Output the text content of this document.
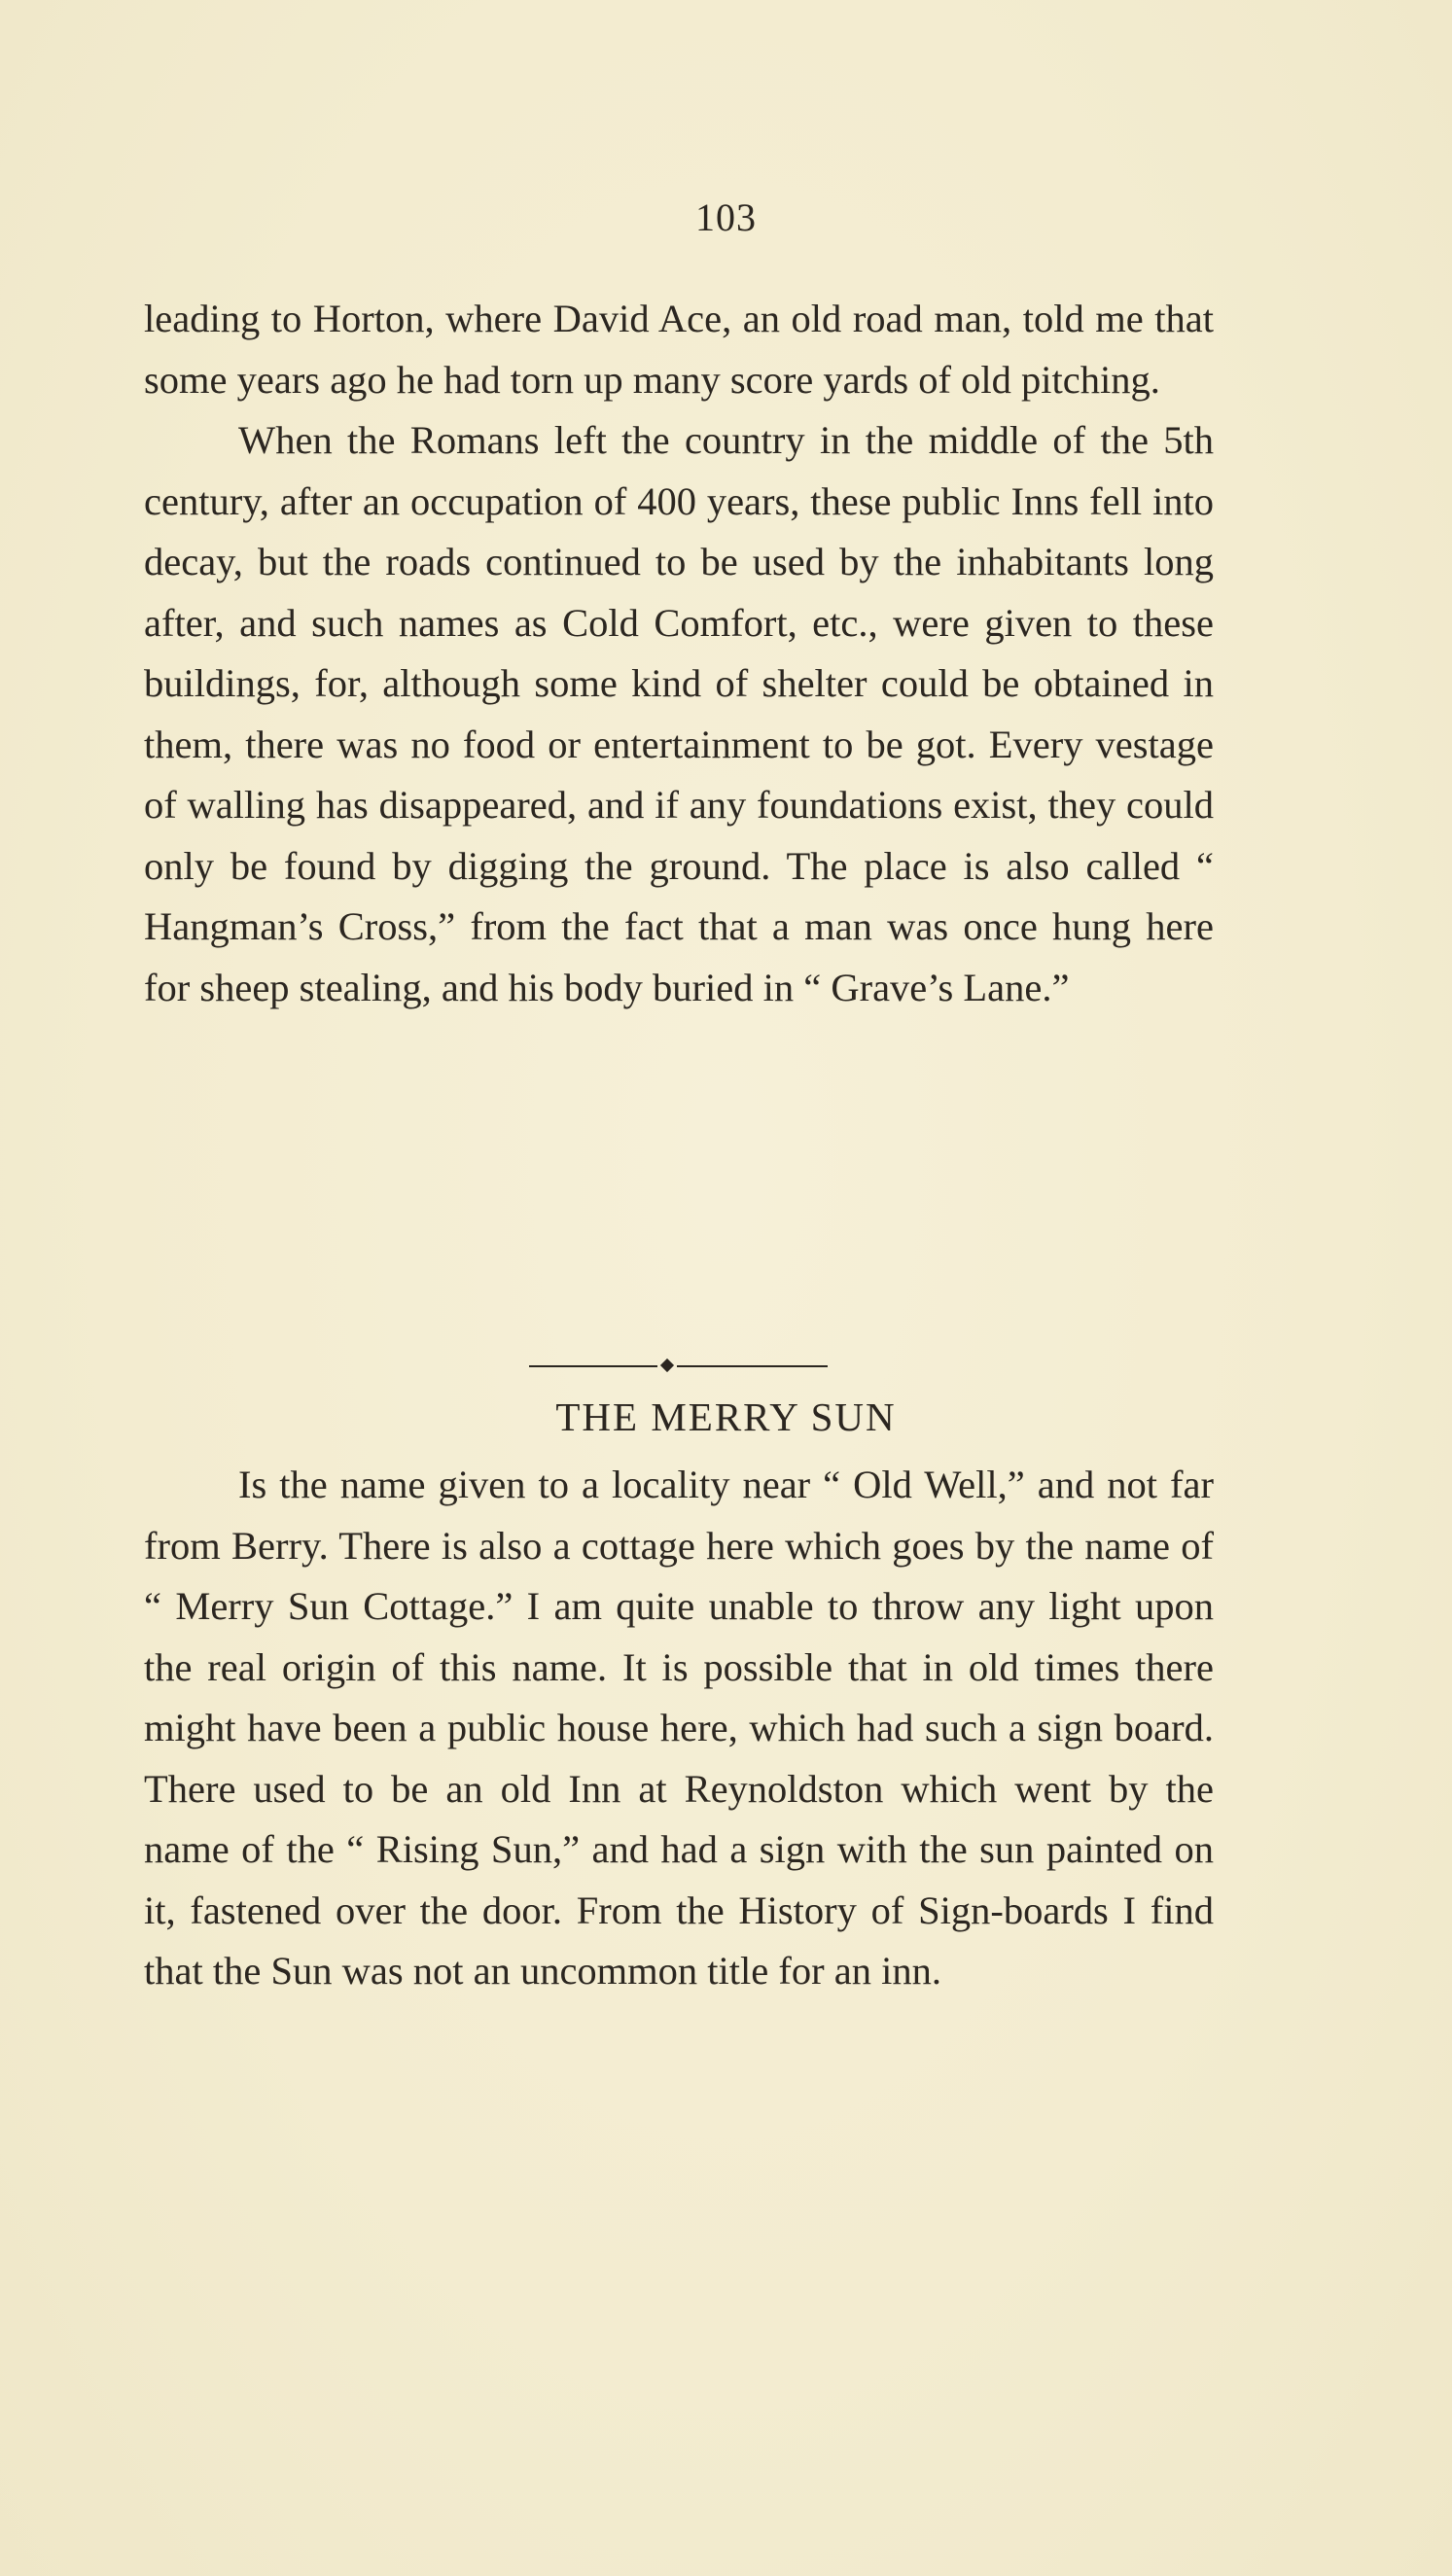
103

leading to Horton, where David Ace, an old road man, told me that some years ago he had torn up many score yards of old pitching.

When the Romans left the country in the middle of the 5th century, after an occupation of 400 years, these public Inns fell into decay, but the roads continued to be used by the inhabitants long after, and such names as Cold Comfort, etc., were given to these buildings, for, although some kind of shelter could be obtained in them, there was no food or entertainment to be got. Every vestage of walling has disappeared, and if any foundations exist, they could only be found by digging the ground. The place is also called “ Hangman’s Cross,” from the fact that a man was once hung here for sheep stealing, and his body buried in “ Grave’s Lane.”

THE MERRY SUN

Is the name given to a locality near “ Old Well,” and not far from Berry. There is also a cottage here which goes by the name of “ Merry Sun Cottage.” I am quite unable to throw any light upon the real origin of this name. It is possible that in old times there might have been a public house here, which had such a sign board. There used to be an old Inn at Reynoldston which went by the name of the “ Rising Sun,” and had a sign with the sun painted on it, fastened over the door. From the History of Sign-boards I find that the Sun was not an uncommon title for an inn.
